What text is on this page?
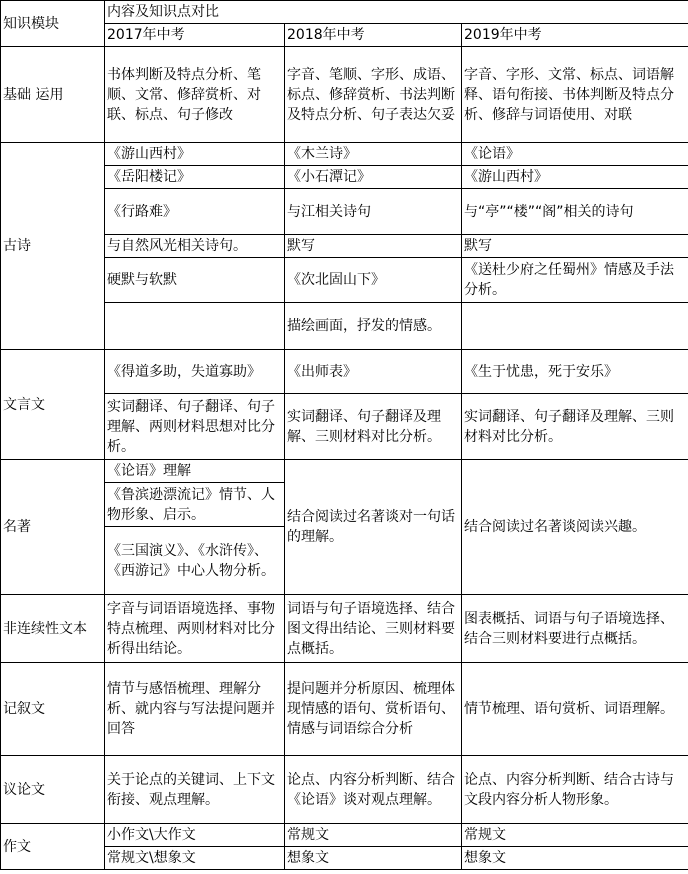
知识模块	内容及知识点对比		
	2017年中考	2018年中考	2019年中考
基础 运用	书体判断及特点分析、笔顺、文常、修辞赏析、对联、标点、句子修改	字音、笔顺、字形、成语、标点、修辞赏析、书法判断及特点分析、句子表达欠妥	字音、字形、文常、标点、词语解释、语句衔接、书体判断及特点分析、修辞与词语使用、对联
古诗	《游山西村》	《木兰诗》	《论语》
	《岳阳楼记》	《小石潭记》	《游山西村》
	《行路难》	与江相关诗句	与“亭”“楼”“阁”相关的诗句
	与自然风光相关诗句。	默写	默写
	硬默与软默	《次北固山下》	《送杜少府之任蜀州》情感及手法分析。
		描绘画面，抒发的情感。	
文言文	《得道多助，失道寡助》	《出师表》	《生于忧患，死于安乐》
	实词翻译、句子翻译、句子理解、两则材料思想对比分析。	实词翻译、句子翻译及理解、三则材料对比分析。	实词翻译、句子翻译及理解、三则材料对比分析。
名著	《论语》理解	结合阅读过名著谈对一句话的理解。	结合阅读过名著谈阅读兴趣。
	《鲁滨逊漂流记》情节、人物形象、启示。		
	《三国演义》、《水浒传》、《西游记》中心人物分析。		
非连续性文本	字音与词语语境选择、事物特点梳理、两则材料对比分析得出结论。	词语与句子语境选择、结合图文得出结论、三则材料要点概括。	图表概括、词语与句子语境选择、结合三则材料要进行点概括。
记叙文	情节与感悟梳理、理解分析、就内容与写法提问题并回答	提问题并分析原因、梳理体现情感的语句、赏析语句、情感与词语综合分析	情节梳理、语句赏析、词语理解。
议论文	关于论点的关键词、上下文衔接、观点理解。	论点、内容分析判断、结合《论语》谈对观点理解。	论点、内容分析判断、结合古诗与文段内容分析人物形象。
作文	小作文\大作文	常规文	常规文
	常规文\想象文	想象文	想象文
